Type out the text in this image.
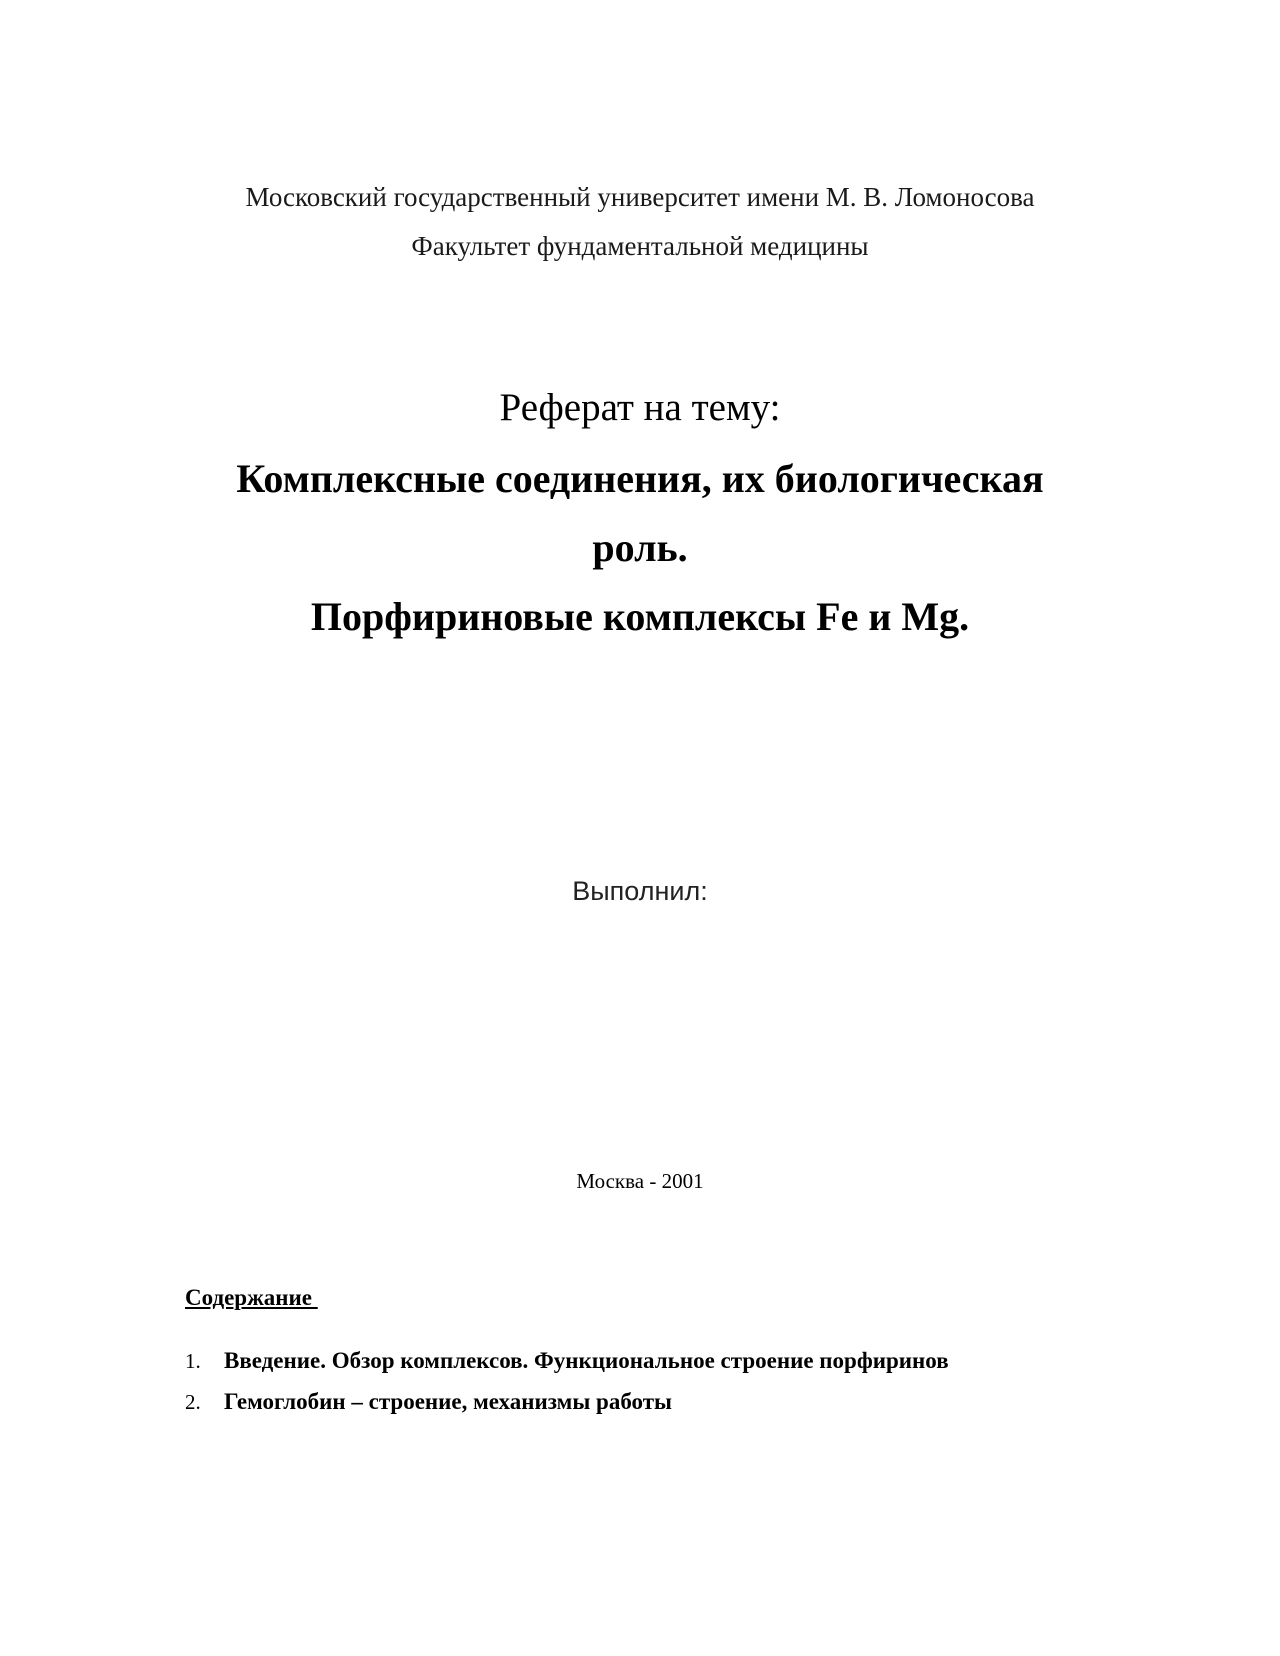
Московский государственный университет имени М. В. Ломоносова
Факультет фундаментальной медицины
Реферат на тему:
Комплексные соединения, их биологическая
роль.
Порфириновые комплексы Fe и Mg.
Выполнил:
Москва - 2001
Содержание
1.	Введение. Обзор комплексов. Функциональное строение порфиринов
2.	Гемоглобин – строение, механизмы работы
